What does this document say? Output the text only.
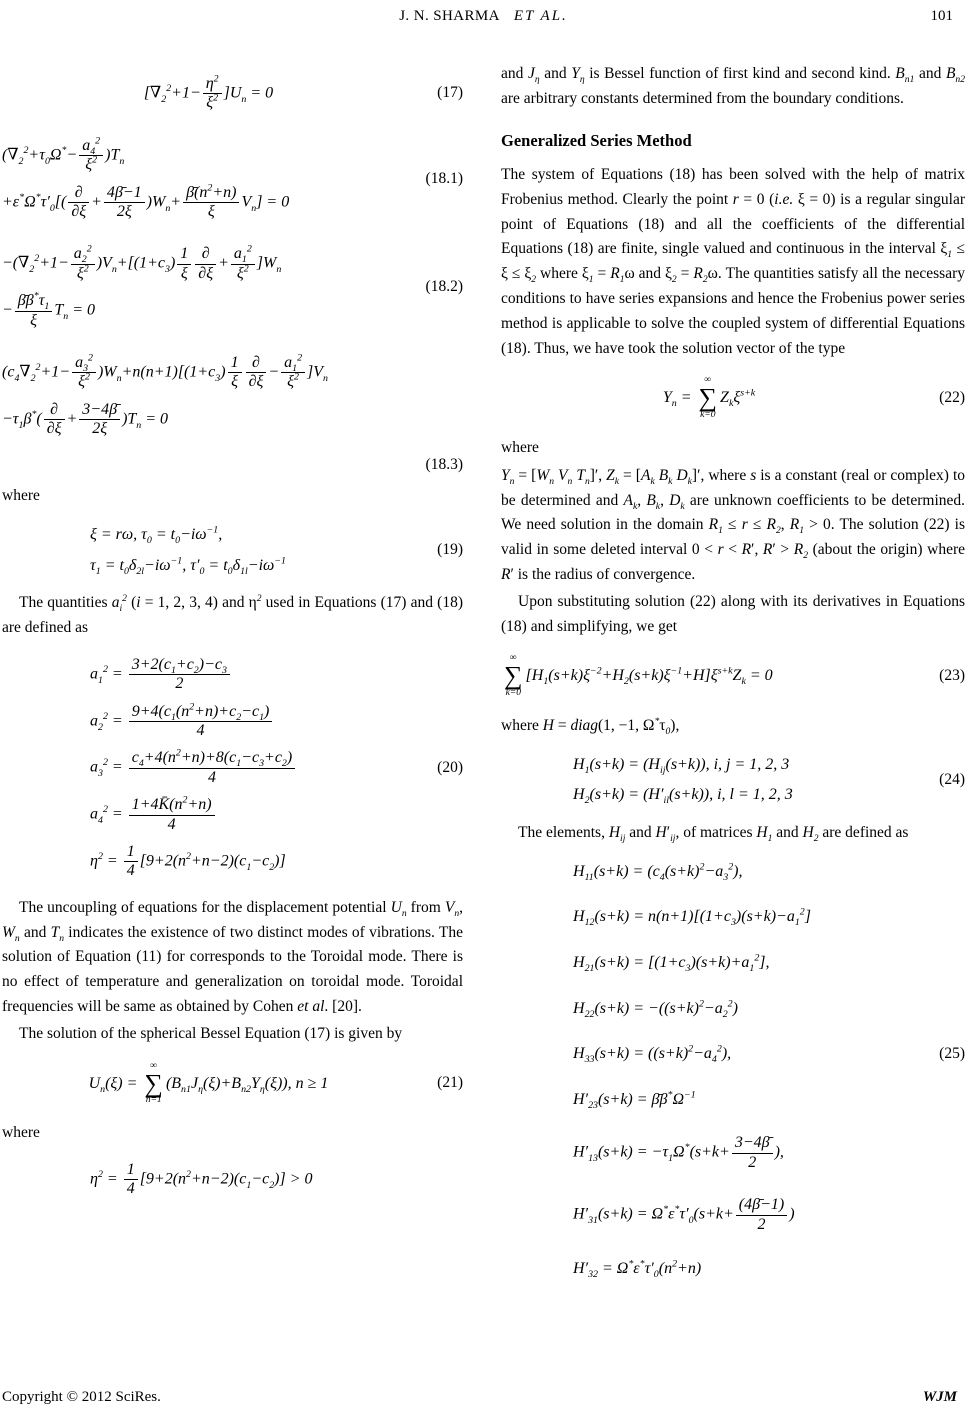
J. N. SHARMA ET AL.	101
$[\nabla_2^2+1- \frac{\eta^2}{\xi^2} ]U_n = 0$	(17)
$(\nabla_2^2+\tau_0\Omega^*- \frac{a_4^2}{\xi^2} )T_n$
$+\varepsilon^*\Omega^*\tau'_0[( \frac{\partial}{\partial\xi} + \frac{4\betā-1}{2\xi} )W_n+ \frac{\betā(n^2+n)}{\xi} V_n] = 0$
(18.1)
$-(\nabla_2^2+1- \frac{a_2^2}{\xi^2} )V_n+[(1+c_3) \frac{1}{\xi} \frac{\partial}{\partial\xi} + \frac{a_1^2}{\xi^2} ]W_n$
− $\frac{\betā\beta^*\tau_1}{\xi} T_n = 0$
(18.2)
$(c_4\nabla_2^2+1- \frac{a_3^2}{\xi^2} )W_n+n(n+1)[(1+c_3) \frac{1}{\xi} \frac{\partial}{\partial\xi} - \frac{a_1^2}{\xi^2} ]V_n$
$-\tau_1\beta^*( \frac{\partial}{\partial\xi} + \frac{3-4\betā}{2\xi} )T_n = 0$
(18.3)
where
ξ = rω, $\tau_0 = t_0-i\omega^{-1}$,
$\tau_1 = t_0\delta_{2l}-i\omega^{-1}$, $\tau'_0 = t_0\delta_{1l}-i\omega^{-1}$
(19)
The quantities $a_i^2$ (i = 1, 2, 3, 4) and $\eta^2$ used in Equations (17) and (18) are defined as
$a_1^2 = \frac{3+2(c_1+c_2)-c_3}{2}$
$a_2^2 = \frac{9+4(c_1(n^2+n)+c_2-c_1)}{4}$
$a_3^2 = \frac{c_4+4(n^2+n)+8(c_1-c_3+c_2)}{4}$
$a_4^2 = \frac{1+4K̄(n^2+n)}{4}$
$\eta^2 = \frac{1}{4} [9+2(n^2+n-2)(c_1-c_2)]$
(20)
The uncoupling of equations for the displacement potential $U_n$ from $V_n$, $W_n$ and $T_n$ indicates the existence of two distinct modes of vibrations. The solution of Equation (11) for corresponds to the Toroidal mode. There is no effect of temperature and generalization on toroidal mode. Toroidal frequencies will be same as obtained by Cohen et al. [20].
The solution of the spherical Bessel Equation (17) is given by
$U_n(\xi)$ =
∞
∑
n=1
$(B_{n1}J_\eta(\xi)+B_{n2}Y_\eta(\xi))$, n ≥ 1	(21)
where
$\eta^2 = \frac{1}{4} [9+2(n^2+n-2)(c_1-c_2)] > 0$
and $J_\eta$ and $Y_\eta$ is Bessel function of first kind and second kind. $B_{n1}$ and $B_{n2}$ are arbitrary constants determined from the boundary conditions.
Generalized Series Method
The system of Equations (18) has been solved with the help of matrix Frobenius method. Clearly the point r = 0 (i.e. ξ = 0) is a regular singular point of Equations (18) and all the coefficients of the differential Equations (18) are finite, single valued and continuous in the interval $\xi_1 \le \xi \le \xi_2$ where $\xi_1 = R_1\omega$ and $\xi_2 = R_2\omega$. The quantities satisfy all the necessary conditions to have series expansions and hence the Frobenius power series method is applicable to solve the coupled system of differential Equations (18). Thus, we have took the solution vector of the type
$Y_n$ =
∞
∑
k=0
$Z_k\xi^{s+k}$	(22)
where
$Y_n = [W_n$ $V_n$ $T_n]'$, $Z_k = [A_k$ $B_k$ $D_k]'$, where s is a constant (real or complex) to be determined and $A_k$, $B_k$, $D_k$ are unknown coefficients to be determined. We need solution in the domain $R_1 \le r \le R_2$, $R_1 > 0$. The solution (22) is valid in some deleted interval 0 < r < R′, $R' > R_2$ (about the origin) where R′ is the radius of convergence.
Upon substituting solution (22) along with its derivatives in Equations (18) and simplifying, we get
∞
∑
k=0
$[H_1(s+k)\xi^{-2}+H_2(s+k)\xi^{-1}+H]\xi^{s+k}Z_k = 0$	(23)
where H = diag(1, −1, $\Omega^*\tau_0$),
$H_1(s+k) = (H_{ij}(s+k))$, i, j = 1, 2, 3
$H_2(s+k) = (H'_{il}(s+k))$, i, l = 1, 2, 3
(24)
The elements, $H_{ij}$ and $H'_{ij}$, of matrices $H_1$ and $H_2$ are defined as
$H_{11}(s+k) = (c_4(s+k)^2-a_3^2)$,
$H_{12}(s+k) = n(n+1)[(1+c_3)(s+k)-a_1^2]$
$H_{21}(s+k) = [(1+c_3)(s+k)+a_1^2]$,
$H_{22}(s+k) = -((s+k)^2-a_2^2)$
$H_{33}(s+k) = ((s+k)^2-a_4^2)$,	(25)
$H'_{23}(s+k)$ = $\betā\beta^*\Omega^{-1}$
$H'_{13}(s+k) = -\tau_1\Omega^*(s+k+ \frac{3-4\betā}{2}$ ),
$H'_{31}(s+k) = \Omega^*\varepsilon^*\tau'_0(s+k+ \frac{(4\betā-1)}{2}$ )
$H'_{32} = \Omega^*\varepsilon^*\tau'_0(n^2+n)$
Copyright © 2012 SciRes.	WJM
